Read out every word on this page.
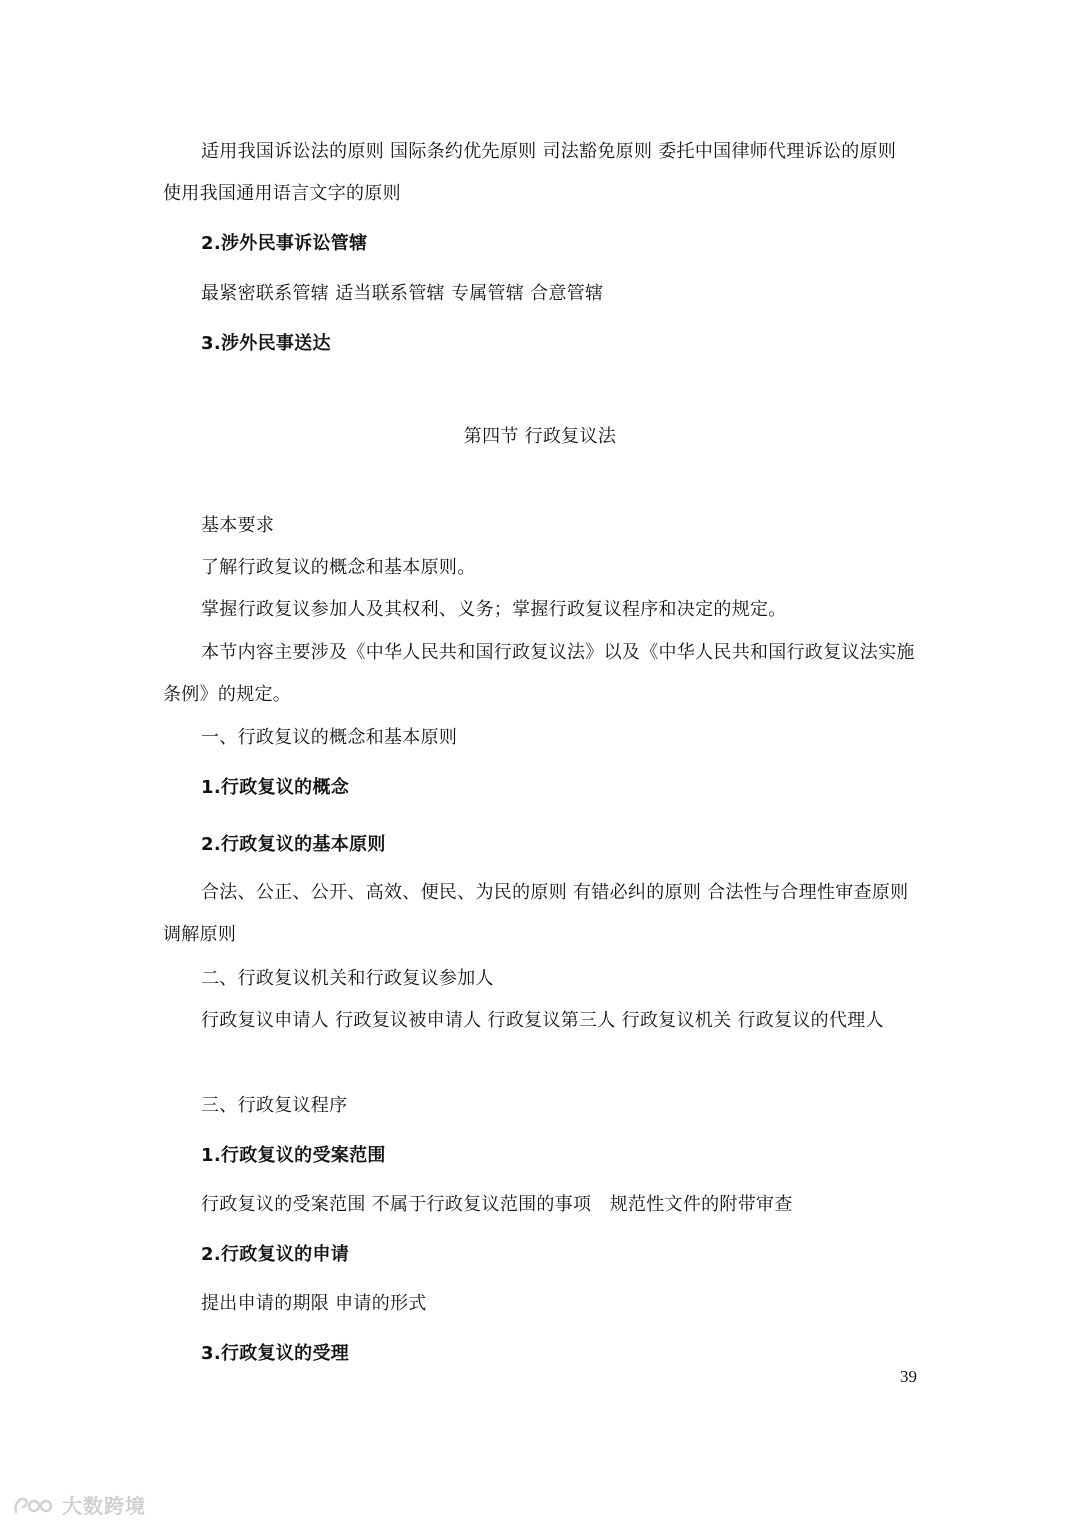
适用我国诉讼法的原则 国际条约优先原则 司法豁免原则 委托中国律师代理诉讼的原则 使用我国通用语言文字的原则

2.涉外民事诉讼管辖

最紧密联系管辖 适当联系管辖 专属管辖 合意管辖

3.涉外民事送达

第四节 行政复议法

基本要求

了解行政复议的概念和基本原则。

掌握行政复议参加人及其权利、义务；掌握行政复议程序和决定的规定。

本节内容主要涉及《中华人民共和国行政复议法》以及《中华人民共和国行政复议法实施条例》的规定。

一、行政复议的概念和基本原则

1.行政复议的概念

2.行政复议的基本原则

合法、公正、公开、高效、便民、为民的原则 有错必纠的原则 合法性与合理性审查原则 调解原则

二、行政复议机关和行政复议参加人

行政复议申请人 行政复议被申请人 行政复议第三人 行政复议机关 行政复议的代理人

三、行政复议程序

1.行政复议的受案范围

行政复议的受案范围 不属于行政复议范围的事项　规范性文件的附带审查

2.行政复议的申请

提出申请的期限 申请的形式

3.行政复议的受理

39
大数跨境
